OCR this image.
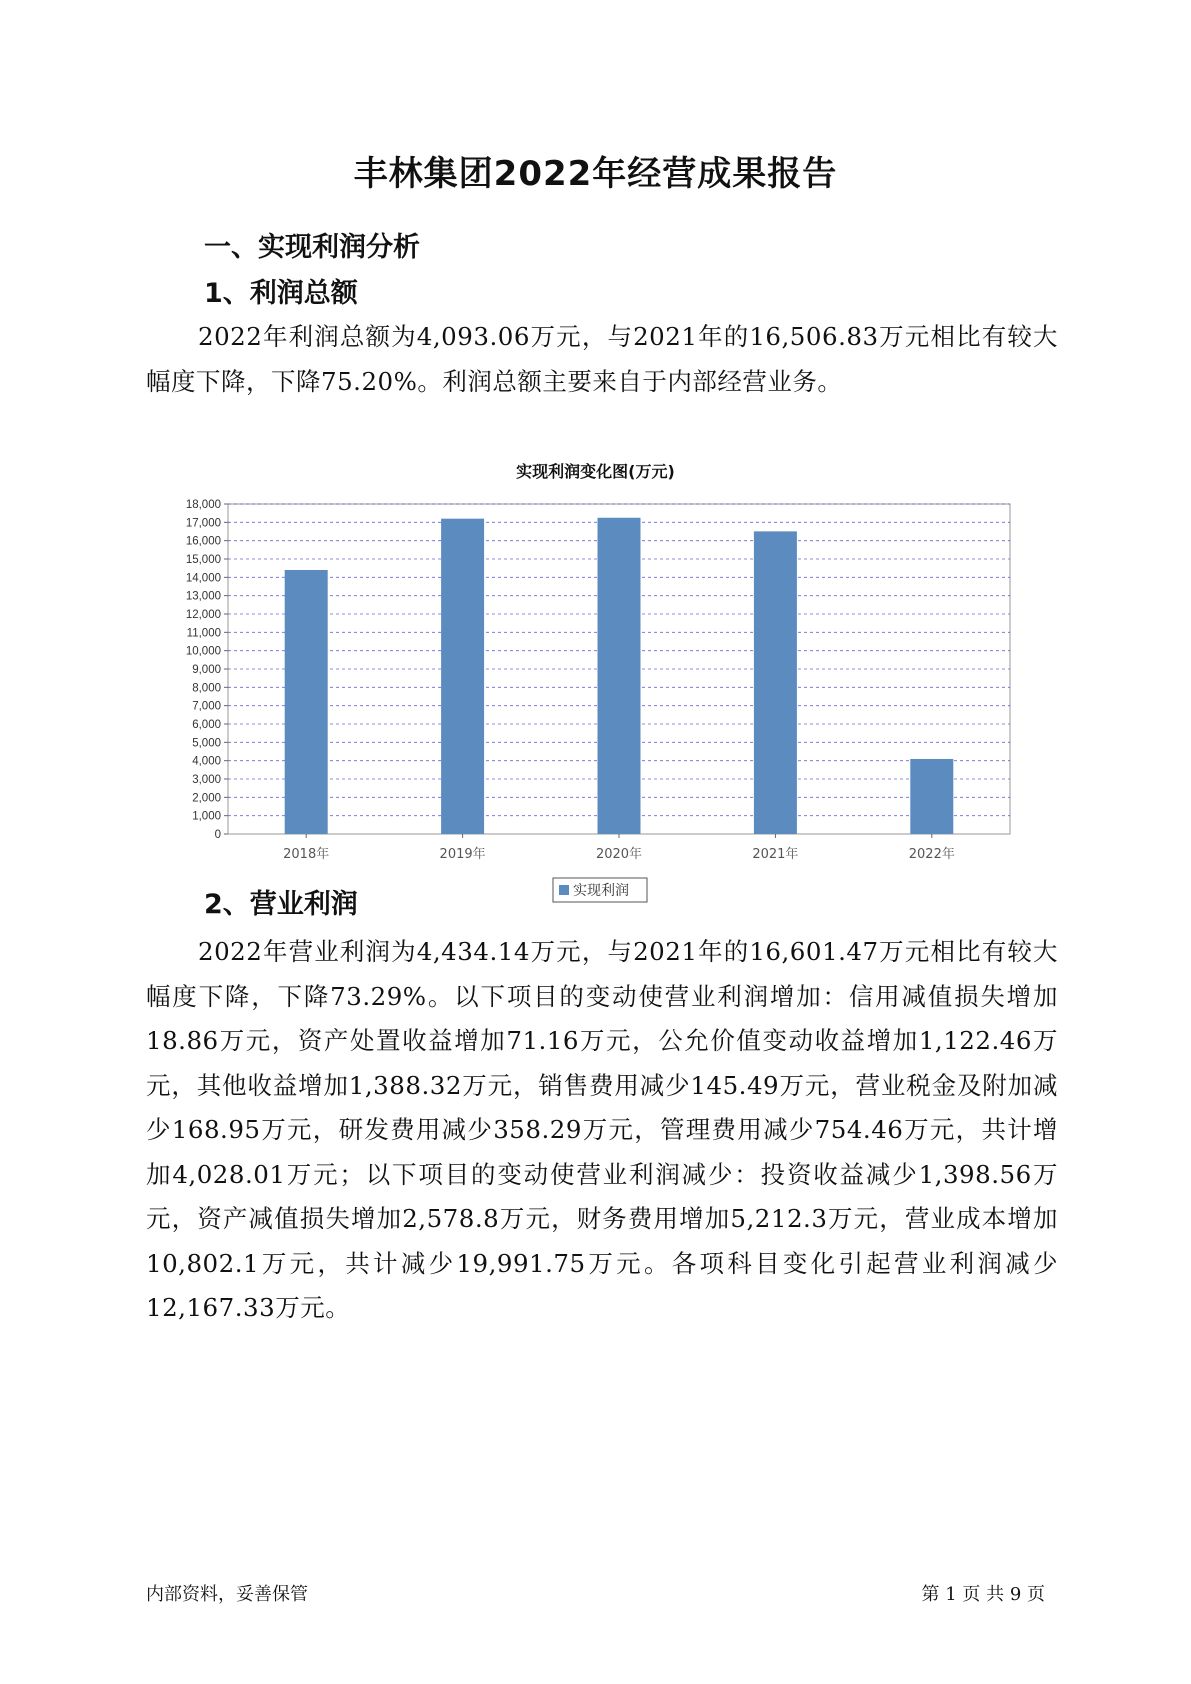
丰林集团2022年经营成果报告
一、实现利润分析
1、利润总额
2022年利润总额为4,093.06万元，与2021年的16,506.83万元相比有较大幅度下降，下降75.20%。利润总额主要来自于内部经营业务。
实现利润变化图(万元)
0
1,000
2,000
3,000
4,000
5,000
6,000
7,000
8,000
9,000
10,000
11,000
12,000
13,000
14,000
15,000
16,000
17,000
18,000
2018年	2019年	2020年	2021年	2022年
实现利润
2、营业利润
2022年营业利润为4,434.14万元，与2021年的16,601.47万元相比有较大幅度下降，下降73.29%。以下项目的变动使营业利润增加：信用减值损失增加18.86万元，资产处置收益增加71.16万元，公允价值变动收益增加1,122.46万元，其他收益增加1,388.32万元，销售费用减少145.49万元，营业税金及附加减少168.95万元，研发费用减少358.29万元，管理费用减少754.46万元，共计增加4,028.01万元；以下项目的变动使营业利润减少：投资收益减少1,398.56万元，资产减值损失增加2,578.8万元，财务费用增加5,212.3万元，营业成本增加10,802.1万元，共计减少19,991.75万元。各项科目变化引起营业利润减少12,167.33万元。
内部资料，妥善保管	第 1 页 共 9 页
